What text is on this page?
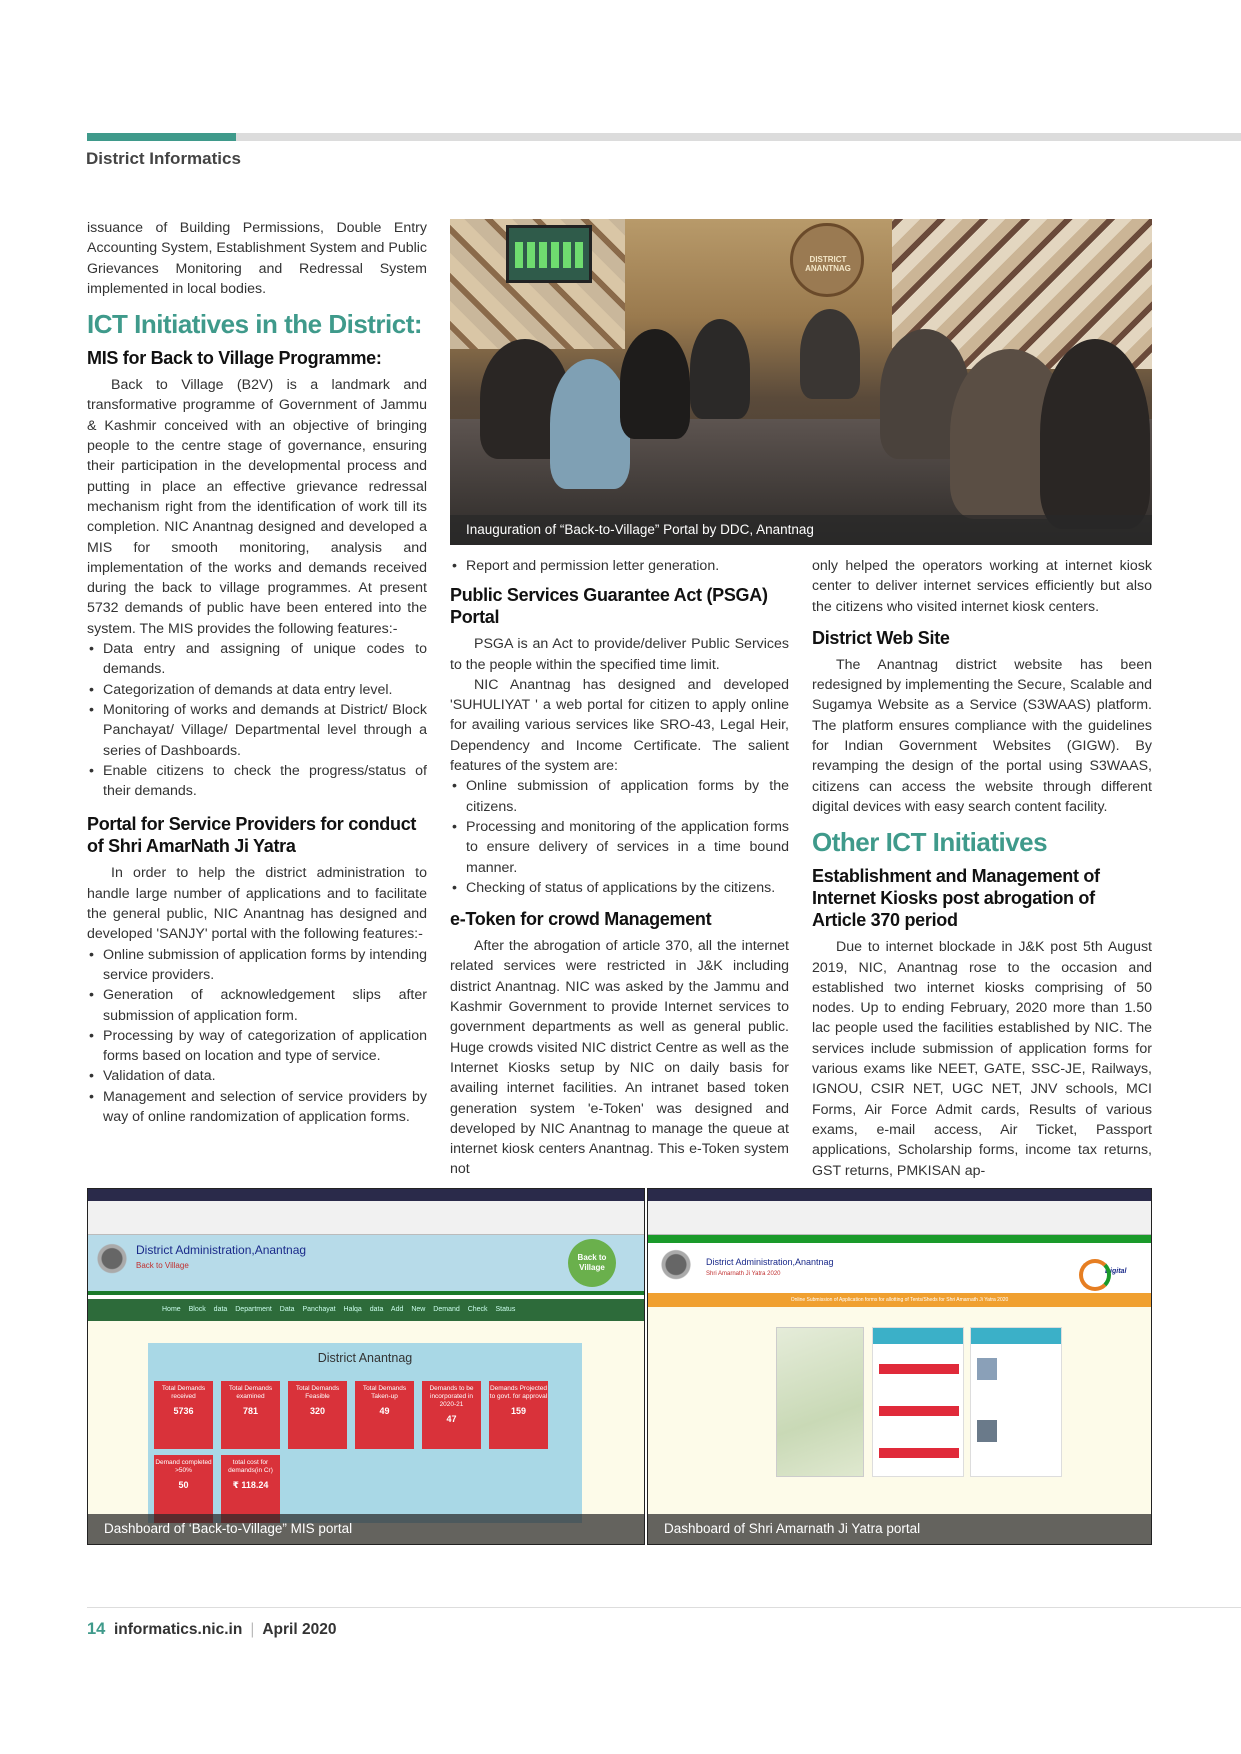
District Informatics

issuance of Building Permissions, Double Entry Accounting System, Establishment System and Public Grievances Monitoring and Redressal System implemented in local bodies.

ICT Initiatives in the District:
MIS for Back to Village Programme:

Back to Village (B2V) is a landmark and transformative programme of Government of Jammu & Kashmir conceived with an objective of bringing people to the centre stage of governance, ensuring their participation in the developmental process and putting in place an effective grievance redressal mechanism right from the identification of work till its completion. NIC Anantnag designed and developed a MIS for smooth monitoring, analysis and implementation of the works and demands received during the back to village programmes. At present 5732 demands of public have been entered into the system. The MIS provides the following features:-

• Data entry and assigning of unique codes to demands.
• Categorization of demands at data entry level.
• Monitoring of works and demands at District/ Block Panchayat/ Village/ Departmental level through a series of Dashboards.
• Enable citizens to check the progress/status of their demands.
Portal for Service Providers for conduct of Shri AmarNath Ji Yatra

In order to help the district administration to handle large number of applications and to facilitate the general public, NIC Anantnag has designed and developed 'SANJY' portal with the following features:-

• Online submission of application forms by intending service providers.
• Generation of acknowledgement slips after submission of application form.
• Processing by way of categorization of application forms based on location and type of service.
• Validation of data.
• Management and selection of service providers by way of online randomization of application forms.
DISTRICT ANANTNAG
Inauguration of “Back-to-Village” Portal by DDC, Anantnag
• Report and permission letter generation.
Public Services Guarantee Act (PSGA) Portal

PSGA is an Act to provide/deliver Public Services to the people within the specified time limit.

NIC Anantnag has designed and developed 'SUHULIYAT ' a web portal for citizen to apply online for availing various services like SRO-43, Legal Heir, Dependency and Income Certificate. The salient features of the system are:

• Online submission of application forms by the citizens.
• Processing and monitoring of the application forms to ensure delivery of services in a time bound manner.
• Checking of status of applications by the citizens.
e-Token for crowd Management

After the abrogation of article 370, all the internet related services were restricted in J&K including district Anantnag. NIC was asked by the Jammu and Kashmir Government to provide Internet services to government departments as well as general public. Huge crowds visited NIC district Centre as well as the Internet Kiosks setup by NIC on daily basis for availing internet facilities. An intranet based token generation system 'e-Token' was designed and developed by NIC Anantnag to manage the queue at internet kiosk centers Anantnag. This e-Token system not

only helped the operators working at internet kiosk center to deliver internet services efficiently but also the citizens who visited internet kiosk centers.

District Web Site

The Anantnag district website has been redesigned by implementing the Secure, Scalable and Sugamya Website as a Service (S3WAAS) platform. The platform ensures compliance with the guidelines for Indian Government Websites (GIGW). By revamping the design of the portal using S3WAAS, citizens can access the website through different digital devices with easy search content facility.

Other ICT Initiatives
Establishment and Management of Internet Kiosks post abrogation of Article 370 period

Due to internet blockade in J&K post 5th August 2019, NIC, Anantnag rose to the occasion and established two internet kiosks comprising of 50 nodes. Up to ending February, 2020 more than 1.50 lac people used the facilities established by NIC. The services include submission of application forms for various exams like NEET, GATE, SSC-JE, Railways, IGNOU, CSIR NET, UGC NET, JNV schools, MCI Forms, Air Force Admit cards, Results of various exams, e-mail access, Air Ticket, Passport applications, Scholarship forms, income tax returns, GST returns, PMKISAN ap-

District Administration,Anantnag
Back to Village
Back to Village
Home Block data Department Data Panchayat Halqa data Add New Demand Check Status
District Anantnag
Total Demands received
5736
Total Demands examined
781
Total Demands Feasible
320
Total Demands Taken-up
49
Demands to be incorporated in 2020-21
47
Demands Projected to govt. for approval
159
Demand completed >50%
50
total cost for demands(in Cr)
₹ 118.24
Dashboard of ‘Back-to-Village” MIS portal
District Administration,Anantnag
Shri Amarnath Ji Yatra 2020	Digital
Online Submission of Application forms for allotting of Tents/Sheds for Shri Amarnath Ji Yatra 2020
Dashboard of Shri Amarnath Ji Yatra portal
14 informatics.nic.in | April 2020
